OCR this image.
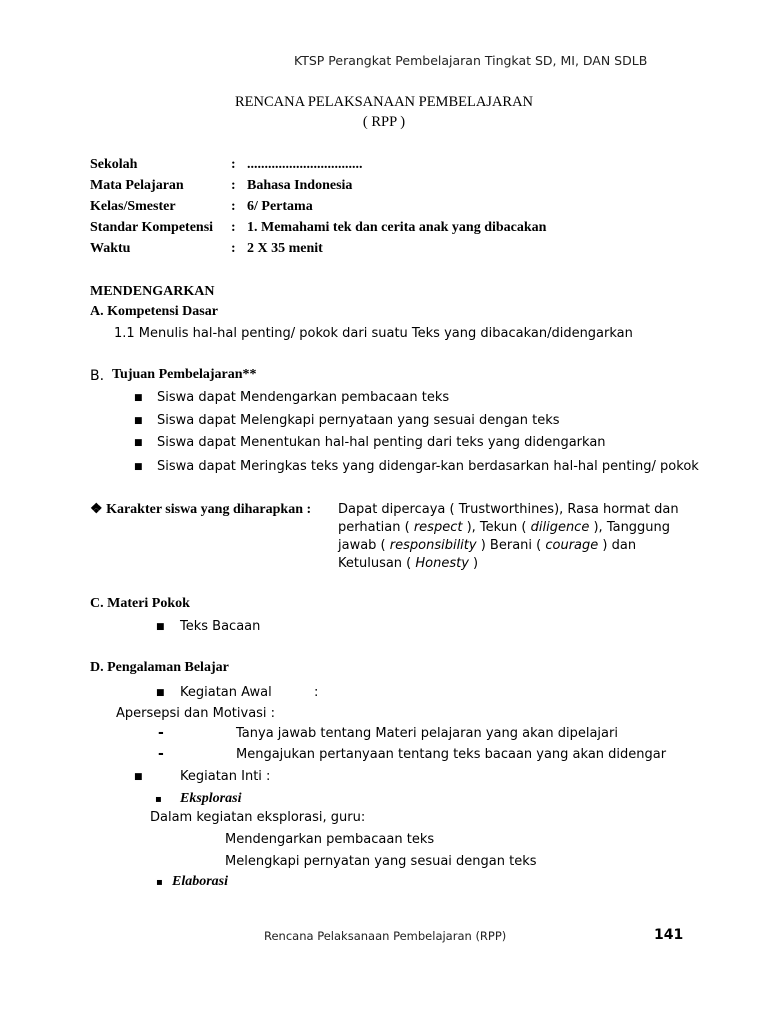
KTSP Perangkat Pembelajaran Tingkat SD, MI, DAN SDLB
RENCANA PELAKSANAAN PEMBELAJARAN
( RPP )
Sekolah	: .................................
Mata Pelajaran	: Bahasa Indonesia
Kelas/Smester	: 6/ Pertama
Standar Kompetensi : 1. Memahami tek dan cerita anak yang dibacakan
Waktu	: 2 X 35 menit
MENDENGARKAN
A. Kompetensi Dasar
1.1 Menulis hal-hal penting/ pokok dari suatu Teks yang dibacakan/didengarkan
B. Tujuan Pembelajaran**
■ Siswa dapat Mendengarkan pembacaan teks
■ Siswa dapat Melengkapi pernyataan yang sesuai dengan teks
■ Siswa dapat Menentukan hal-hal penting dari teks yang didengarkan
■ Siswa dapat Meringkas teks yang didengar-kan berdasarkan hal-hal penting/ pokok
❖ Karakter siswa yang diharapkan : Dapat dipercaya ( Trustworthines), Rasa hormat dan
perhatian ( respect ), Tekun ( diligence ), Tanggung
jawab ( responsibility ) Berani ( courage ) dan
Ketulusan ( Honesty )
C. Materi Pokok
■ Teks Bacaan
D. Pengalaman Belajar
■ Kegiatan Awal	:
Apersepsi dan Motivasi :
-	Tanya jawab tentang Materi pelajaran yang akan dipelajari
-	Mengajukan pertanyaan tentang teks bacaan yang akan didengar
■	Kegiatan Inti :
▪ Eksplorasi
Dalam kegiatan eksplorasi, guru:
Mendengarkan pembacaan teks
Melengkapi pernyatan yang sesuai dengan teks
▪ Elaborasi
Rencana Pelaksanaan Pembelajaran (RPP)	141
